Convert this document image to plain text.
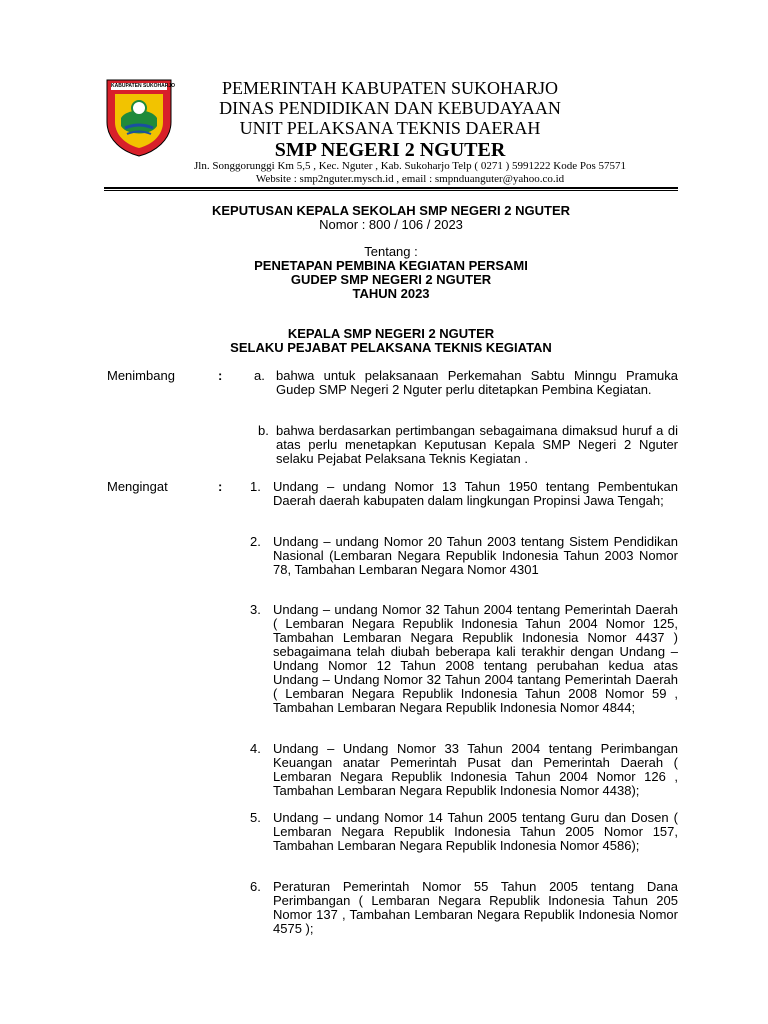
KABUPATEN SUKOHARJO	PEMERINTAH KABUPATEN SUKOHARJO
DINAS PENDIDIKAN DAN KEBUDAYAAN
UNIT PELAKSANA TEKNIS DAERAH
SMP NEGERI 2 NGUTER
Jln. Songgorunggi Km 5,5 , Kec. Nguter , Kab. Sukoharjo Telp ( 0271 ) 5991222 Kode Pos 57571
Website : smp2nguter.mysch.id , email : smpnduanguter@yahoo.co.id
KEPUTUSAN KEPALA SEKOLAH SMP NEGERI 2 NGUTER
Nomor : 800 / 106 / 2023
Tentang :
PENETAPAN PEMBINA KEGIATAN PERSAMI
GUDEP SMP NEGERI 2 NGUTER
TAHUN 2023
KEPALA SMP NEGERI 2 NGUTER
SELAKU PEJABAT PELAKSANA TEKNIS KEGIATAN
Menimbang	: a. bahwa untuk pelaksanaan Perkemahan Sabtu Minngu Pramuka Gudep SMP Negeri 2 Nguter perlu ditetapkan Pembina Kegiatan.
b. bahwa berdasarkan pertimbangan sebagaimana dimaksud huruf a di atas perlu menetapkan Keputusan Kepala SMP Negeri 2 Nguter selaku Pejabat Pelaksana Teknis Kegiatan .
Mengingat	: 1. Undang – undang Nomor 13 Tahun 1950 tentang Pembentukan Daerah daerah kabupaten dalam lingkungan Propinsi Jawa Tengah;
2. Undang – undang Nomor 20 Tahun 2003 tentang Sistem Pendidikan Nasional (Lembaran Negara Republik Indonesia Tahun 2003 Nomor 78, Tambahan Lembaran Negara Nomor 4301
3. Undang – undang Nomor 32 Tahun 2004 tentang Pemerintah Daerah ( Lembaran Negara Republik Indonesia Tahun 2004 Nomor 125, Tambahan Lembaran Negara Republik Indonesia Nomor 4437 ) sebagaimana telah diubah beberapa kali terakhir dengan Undang – Undang Nomor 12 Tahun 2008 tentang perubahan kedua atas Undang – Undang Nomor 32 Tahun 2004 tantang Pemerintah Daerah ( Lembaran Negara Republik Indonesia Tahun 2008 Nomor 59 , Tambahan Lembaran Negara Republik Indonesia Nomor 4844;
4. Undang – Undang Nomor 33 Tahun 2004 tentang Perimbangan Keuangan anatar Pemerintah Pusat dan Pemerintah Daerah ( Lembaran Negara Republik Indonesia Tahun 2004 Nomor 126 , Tambahan Lembaran Negara Republik Indonesia Nomor 4438);
5. Undang – undang Nomor 14 Tahun 2005 tentang Guru dan Dosen ( Lembaran Negara Republik Indonesia Tahun 2005 Nomor 157, Tambahan Lembaran Negara Republik Indonesia Nomor 4586);
6. Peraturan Pemerintah Nomor 55 Tahun 2005 tentang Dana Perimbangan ( Lembaran Negara Republik Indonesia Tahun 205 Nomor 137 , Tambahan Lembaran Negara Republik Indonesia Nomor 4575 );
